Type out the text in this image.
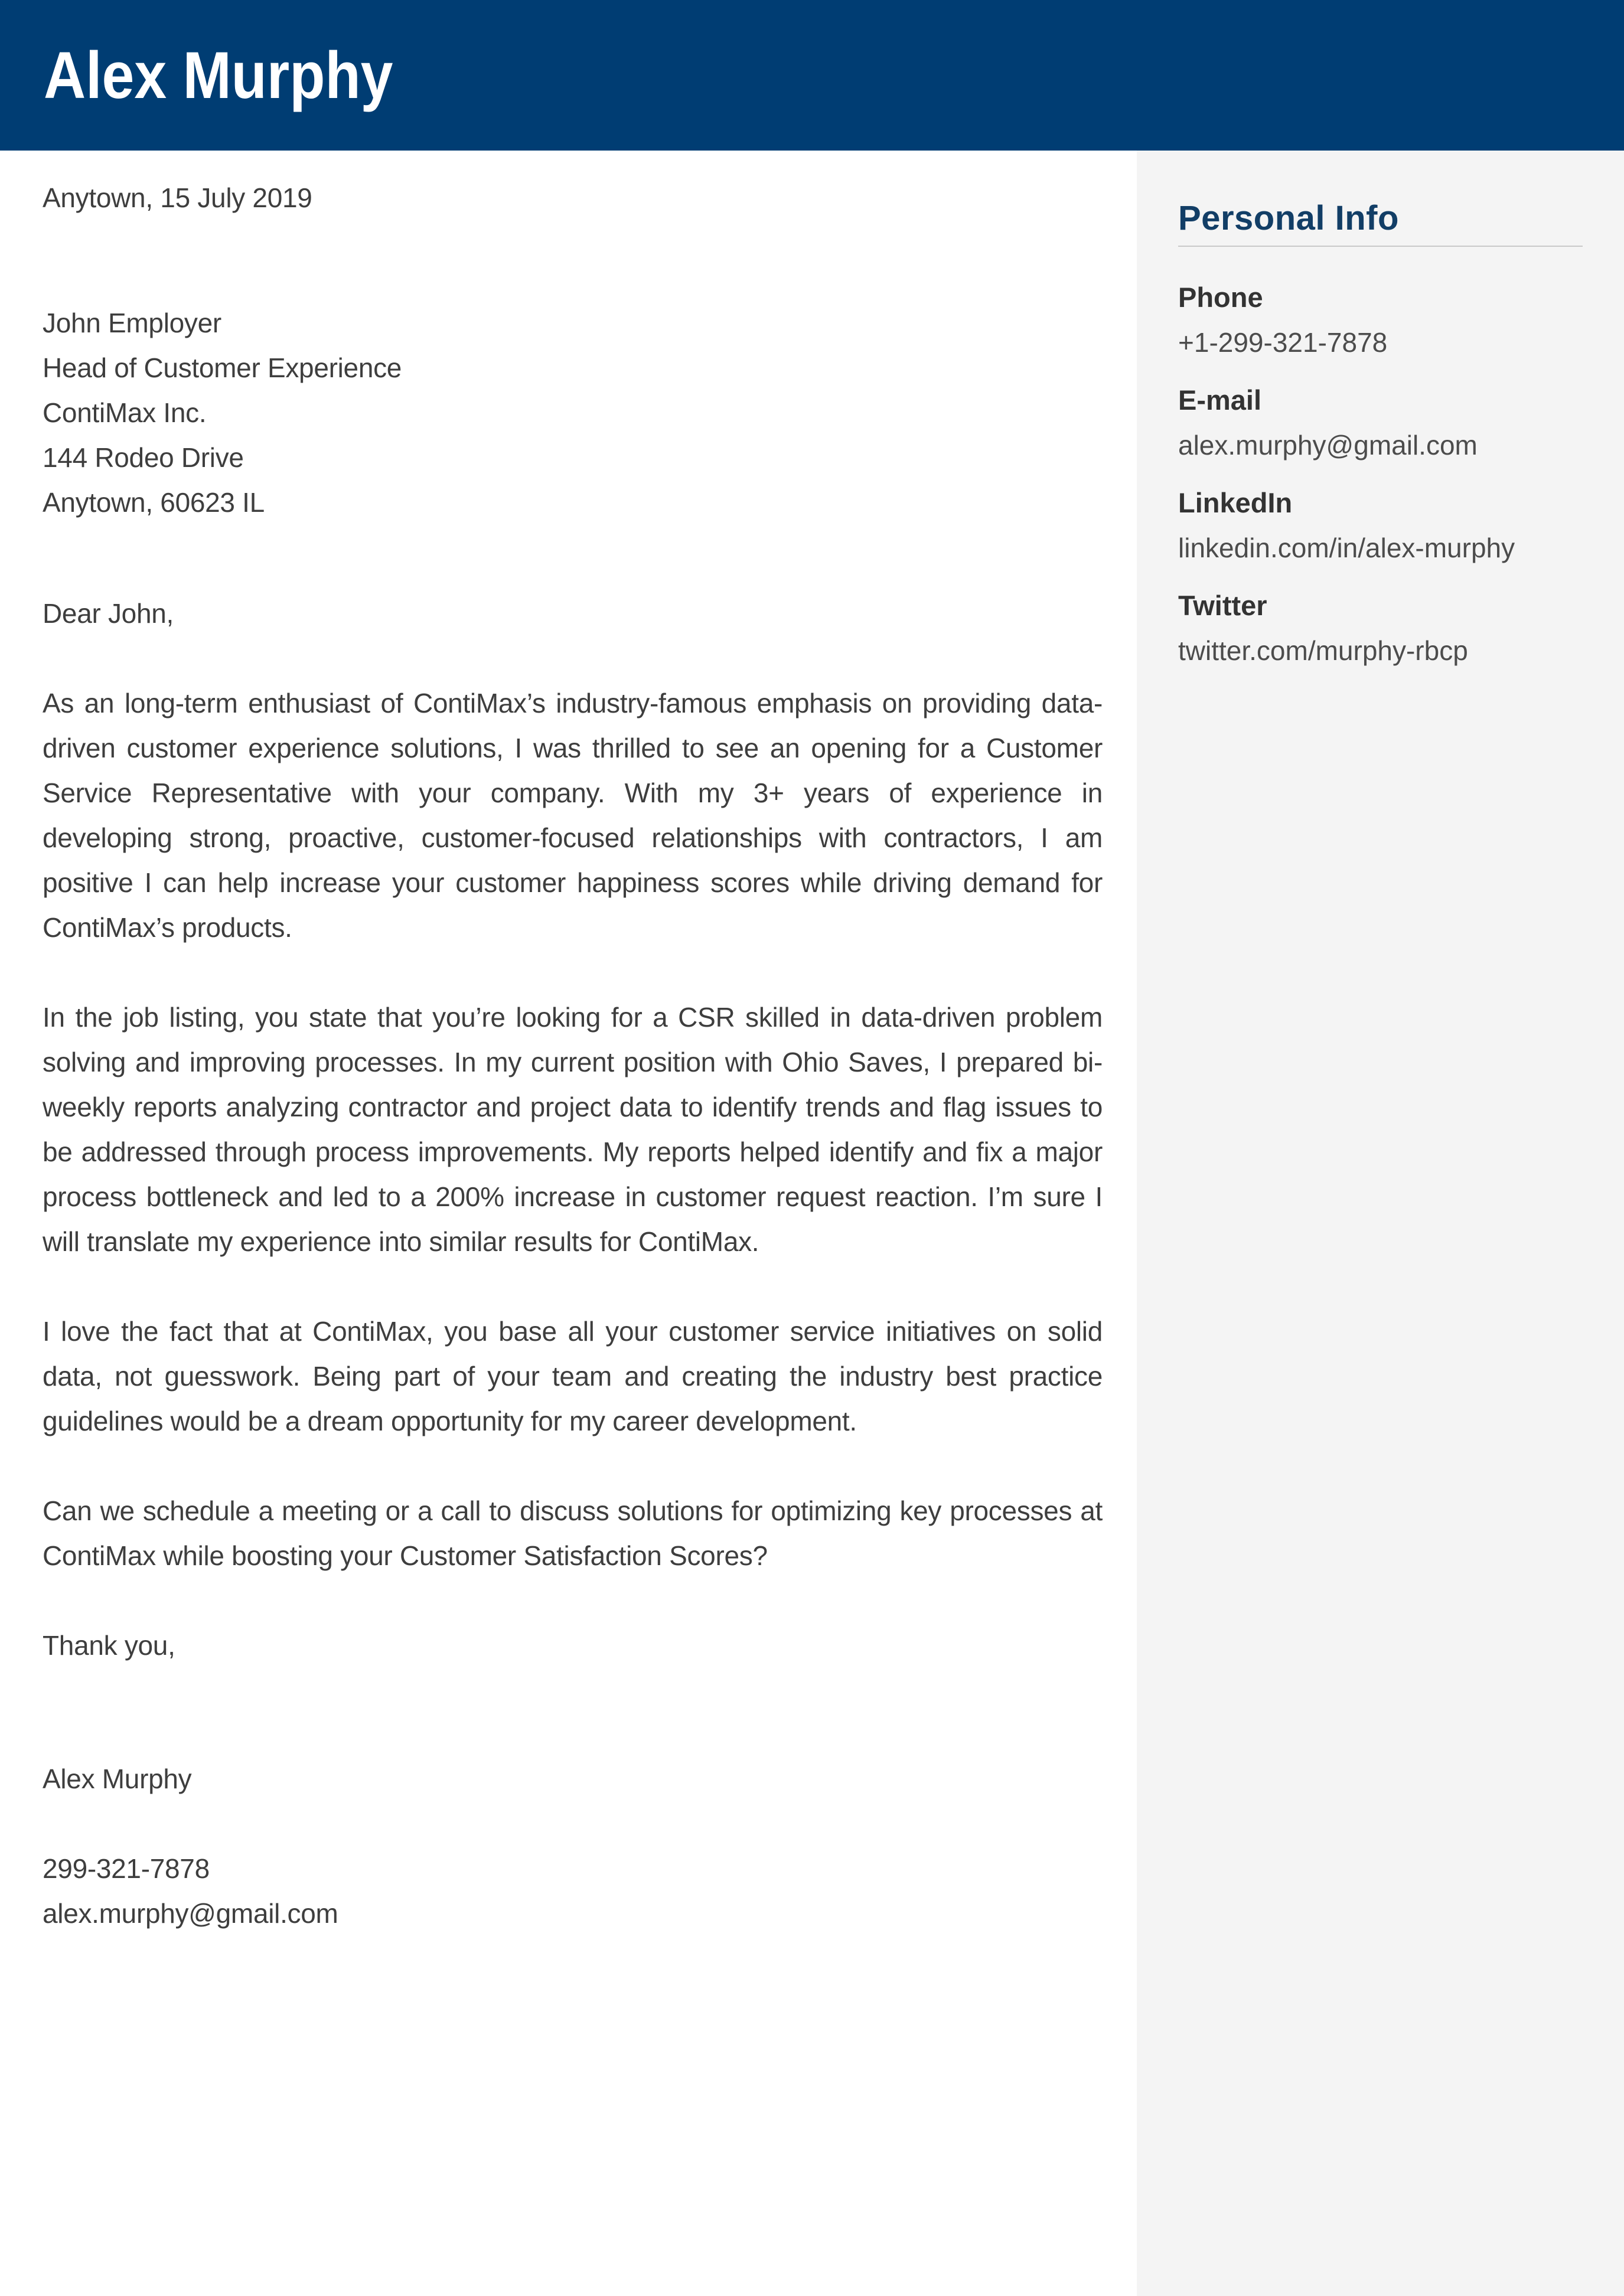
Alex Murphy
Personal Info
Phone
+1-299-321-7878
E-mail
alex.murphy@gmail.com
LinkedIn
linkedin.com/in/alex-murphy
Twitter
twitter.com/murphy-rbcp
Anytown, 15 July 2019
John Employer
Head of Customer Experience
ContiMax Inc.
144 Rodeo Drive
Anytown, 60623 IL
Dear John,

As an long-term enthusiast of ContiMax’s industry-famous emphasis on providing data-driven customer experience solutions, I was thrilled to see an opening for a Customer Service Representative with your company. With my 3+ years of experience in developing strong, proactive, customer-focused relationships with contractors, I am positive I can help increase your customer happiness scores while driving demand for ContiMax’s products.

In the job listing, you state that you’re looking for a CSR skilled in data-driven problem solving and improving processes. In my current position with Ohio Saves, I prepared bi-weekly reports analyzing contractor and project data to identify trends and flag issues to be addressed through process improvements. My reports helped identify and fix a major process bottleneck and led to a 200% increase in customer request reaction. I’m sure I will translate my experience into similar results for ContiMax.

I love the fact that at ContiMax, you base all your customer service initiatives on solid data, not guesswork. Being part of your team and creating the industry best practice guidelines would be a dream opportunity for my career development.

Can we schedule a meeting or a call to discuss solutions for optimizing key processes at ContiMax while boosting your Customer Satisfaction Scores?

Thank you,
Alex Murphy
299-321-7878
alex.murphy@gmail.com
